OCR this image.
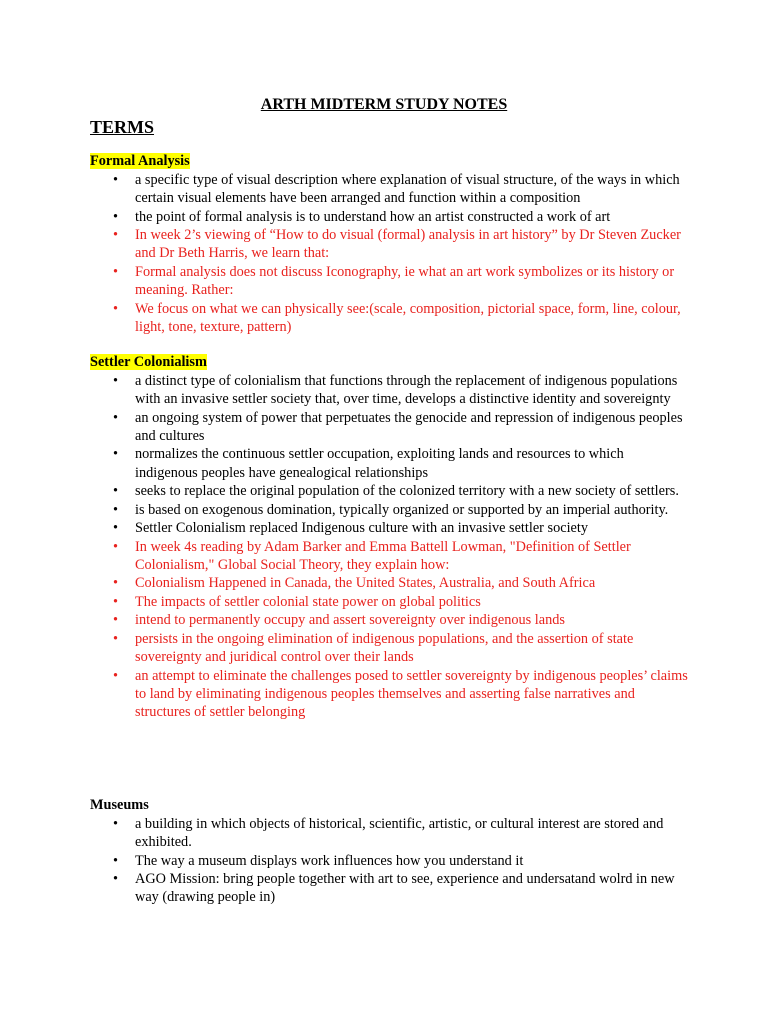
ARTH MIDTERM STUDY NOTES
TERMS
Formal Analysis
•	a specific type of visual description where explanation of visual structure, of the ways in which certain visual elements have been arranged and function within a composition
•	the point of formal analysis is to understand how an artist constructed a work of art
•	In week 2’s viewing of “How to do visual (formal) analysis in art history” by Dr Steven Zucker and Dr Beth Harris, we learn that:
•	Formal analysis does not discuss Iconography, ie what an art work symbolizes or its history or meaning. Rather:
•	We focus on what we can physically see:(scale, composition, pictorial space, form, line, colour, light, tone, texture, pattern)
Settler Colonialism
•	a distinct type of colonialism that functions through the replacement of indigenous populations with an invasive settler society that, over time, develops a distinctive identity and sovereignty
•	an ongoing system of power that perpetuates the genocide and repression of indigenous peoples and cultures
•	normalizes the continuous settler occupation, exploiting lands and resources to which indigenous peoples have genealogical relationships
•	seeks to replace the original population of the colonized territory with a new society of settlers.
•	is based on exogenous domination, typically organized or supported by an imperial authority.
•	Settler Colonialism replaced Indigenous culture with an invasive settler society
•	In week 4s reading by Adam Barker and Emma Battell Lowman, "Definition of Settler Colonialism," Global Social Theory, they explain how:
•	Colonialism Happened in Canada, the United States, Australia, and South Africa
•	The impacts of settler colonial state power on global politics
•	intend to permanently occupy and assert sovereignty over indigenous lands
•	persists in the ongoing elimination of indigenous populations, and the assertion of state sovereignty and juridical control over their lands
•	an attempt to eliminate the challenges posed to settler sovereignty by indigenous peoples’ claims to land by eliminating indigenous peoples themselves and asserting false narratives and structures of settler belonging
Museums
•	a building in which objects of historical, scientific, artistic, or cultural interest are stored and exhibited.
•	The way a museum displays work influences how you understand it
•	AGO Mission: bring people together with art to see, experience and undersatand wolrd in new way (drawing people in)
